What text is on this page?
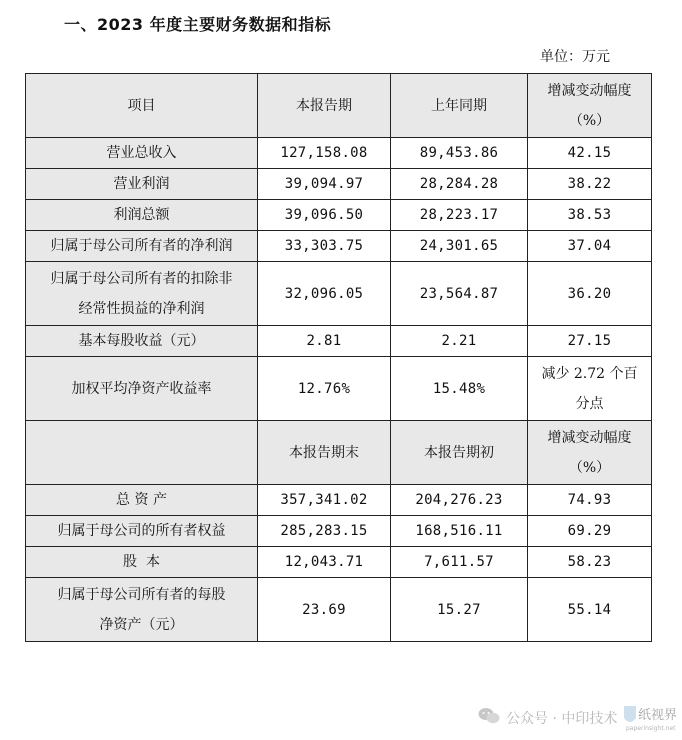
一、2023 年度主要财务数据和指标
单位：万元
项目	本报告期	上年同期	增减变动幅度
（%）

营业总收入	127,158.08	89,453.86	42.15
营业利润	39,094.97	28,284.28	38.22
利润总额	39,096.50	28,223.17	38.53
归属于母公司所有者的净利润	33,303.75	24,301.65	37.04

归属于母公司所有者的扣除非
经常性损益的净利润	32,096.05	23,564.87	36.20
基本每股收益（元）	2.81	2.21	27.15
加权平均净资产收益率	12.76%	15.48%	减少 2.72 个百
分点

	本报告期末	本报告期初	增减变动幅度
（%）

总 资 产	357,341.02	204,276.23	74.93
归属于母公司的所有者权益	285,283.15	168,516.11	69.29
股  本	12,043.71	7,611.57	58.23

归属于母公司所有者的每股
净资产（元）	23.69	15.27	55.14
公众号 · 中印技术 纸视界
paperinsight.net
